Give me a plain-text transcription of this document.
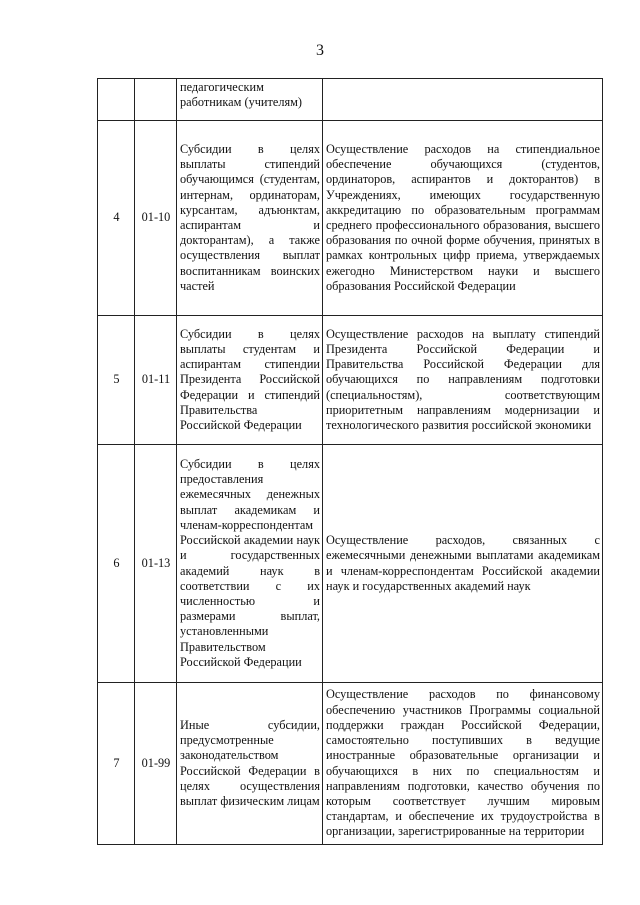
3
		педагогическим работникам (учителям)	
4	01-10	Субсидии в целях выплаты стипендий обучающимся (студентам, интернам, ординаторам, курсантам, адъюнктам, аспирантам и докторантам), а также осуществления выплат воспитанникам воинских частей	Осуществление расходов на стипендиальное обеспечение обучающихся (студентов, ординаторов, аспирантов и докторантов) в Учреждениях, имеющих государственную аккредитацию по образовательным программам среднего профессионального образования, высшего образования по очной форме обучения, принятых в рамках контрольных цифр приема, утверждаемых ежегодно Министерством науки и высшего образования Российской Федерации
5	01-11	Субсидии в целях выплаты студентам и аспирантам стипендии Президента Российской Федерации и стипендий Правительства Российской Федерации	Осуществление расходов на выплату стипендий Президента Российской Федерации и Правительства Российской Федерации для обучающихся по направлениям подготовки (специальностям), соответствующим приоритетным направлениям модернизации и технологического развития российской экономики
6	01-13	Субсидии в целях предоставления ежемесячных денежных выплат академикам и членам-корреспондентам Российской академии наук и государственных академий наук в соответствии с их численностью и размерами выплат, установленными Правительством Российской Федерации	Осуществление расходов, связанных с ежемесячными денежными выплатами академикам и членам-корреспондентам Российской академии наук и государственных академий наук
7	01-99	Иные субсидии, предусмотренные законодательством Российской Федерации в целях осуществления выплат физическим лицам	Осуществление расходов по финансовому обеспечению участников Программы социальной поддержки граждан Российской Федерации, самостоятельно поступивших в ведущие иностранные образовательные организации и обучающихся в них по специальностям и направлениям подготовки, качество обучения по которым соответствует лучшим мировым стандартам, и обеспечение их трудоустройства в организации, зарегистрированные на территории
